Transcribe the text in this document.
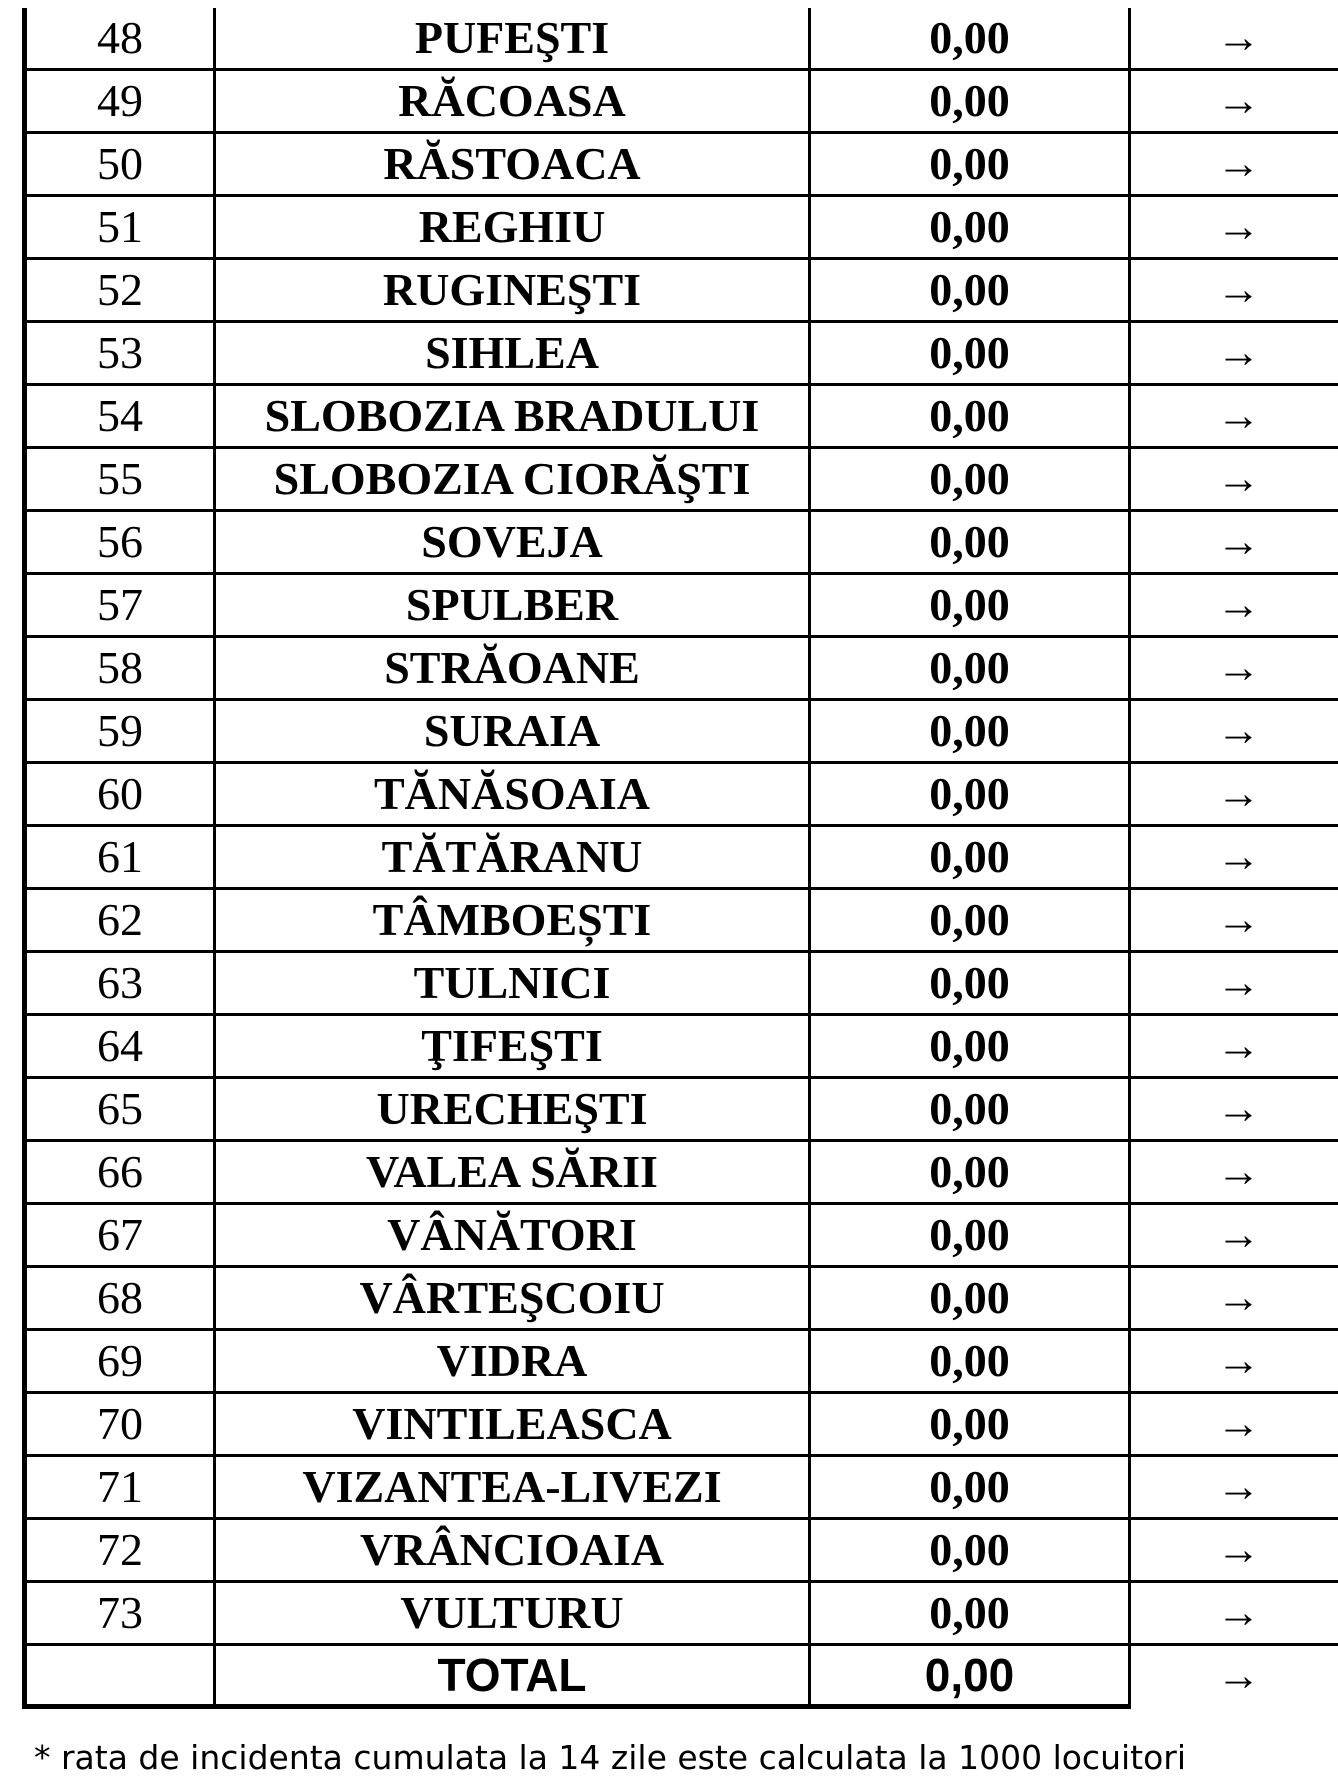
48	PUFEŞTI	0,00	→
49	RĂCOASA	0,00	→
50	RĂSTOACA	0,00	→
51	REGHIU	0,00	→
52	RUGINEŞTI	0,00	→
53	SIHLEA	0,00	→
54	SLOBOZIA BRADULUI	0,00	→
55	SLOBOZIA CIORĂŞTI	0,00	→
56	SOVEJA	0,00	→
57	SPULBER	0,00	→
58	STRĂOANE	0,00	→
59	SURAIA	0,00	→
60	TĂNĂSOAIA	0,00	→
61	TĂTĂRANU	0,00	→
62	TÂMBOEȘTI	0,00	→
63	TULNICI	0,00	→
64	ŢIFEŞTI	0,00	→
65	URECHEŞTI	0,00	→
66	VALEA SĂRII	0,00	→
67	VÂNĂTORI	0,00	→
68	VÂRTEŞCOIU	0,00	→
69	VIDRA	0,00	→
70	VINTILEASCA	0,00	→
71	VIZANTEA-LIVEZI	0,00	→
72	VRÂNCIOAIA	0,00	→
73	VULTURU	0,00	→
	TOTAL	0,00	→
* rata de incidenta cumulata la 14 zile este calculata la 1000 locuitori
